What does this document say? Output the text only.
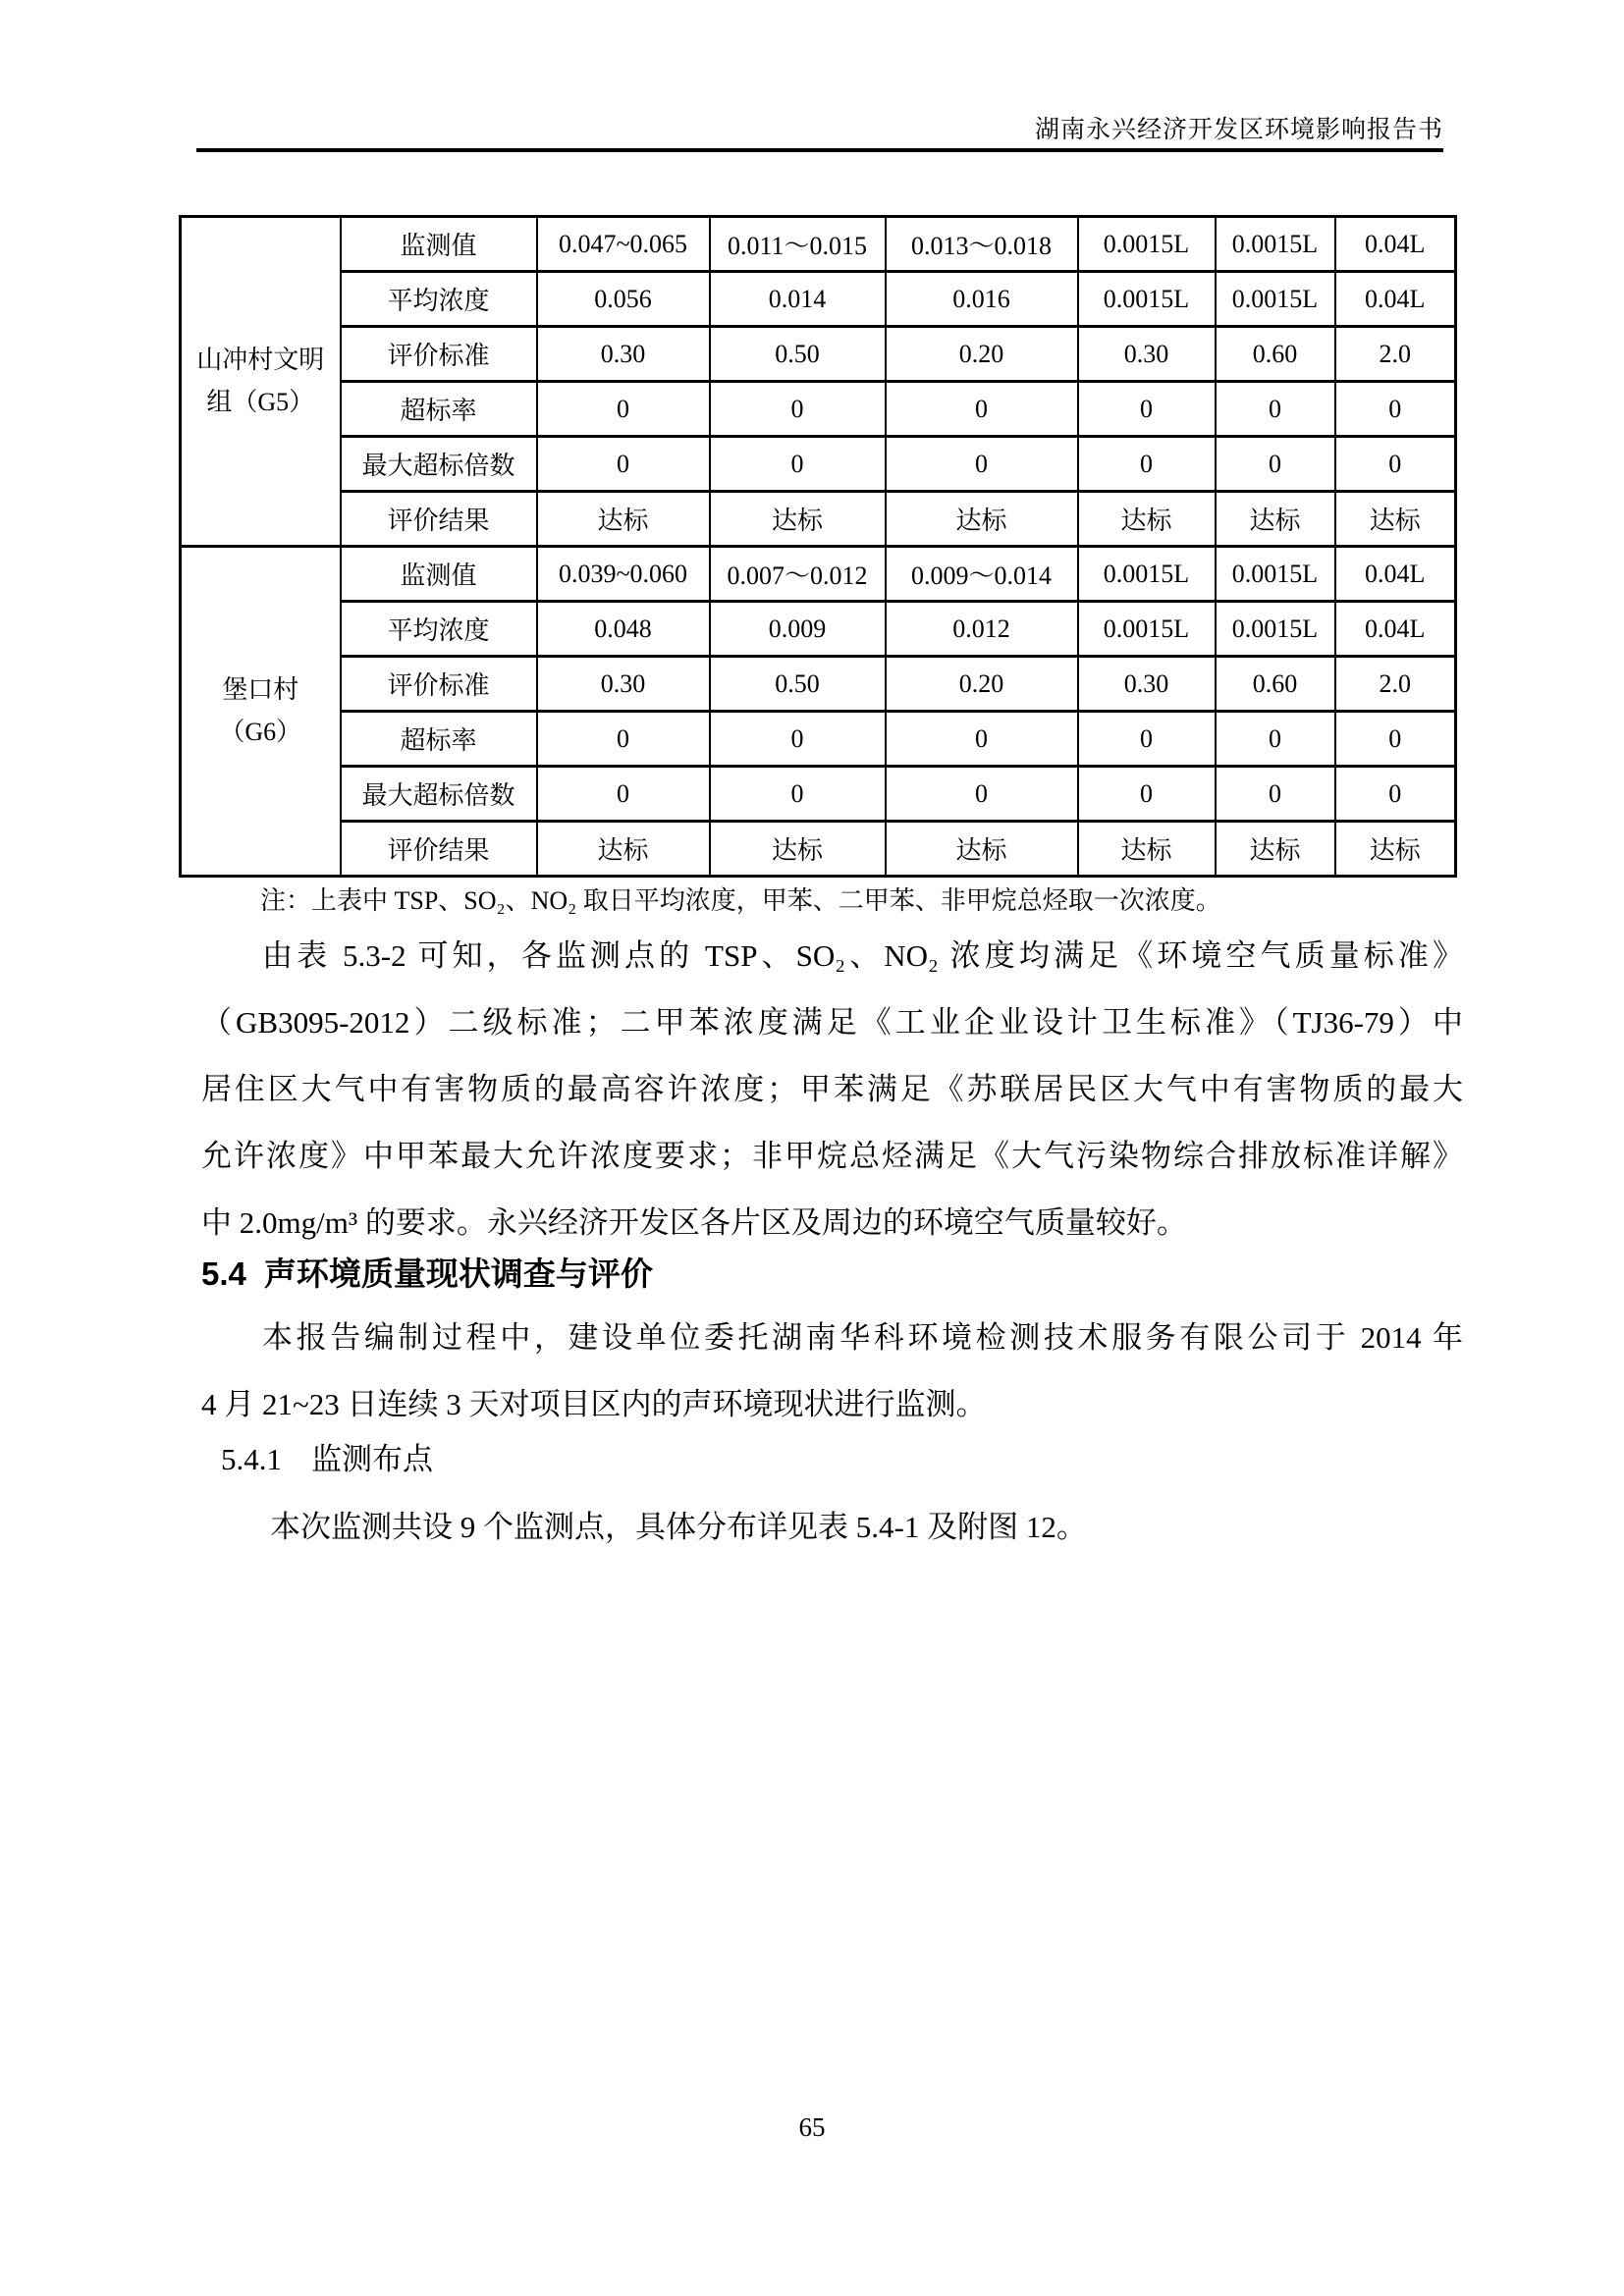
湖南永兴经济开发区环境影响报告书
山冲村文明
组（G5）	监测值	0.047~0.065	0.011～0.015	0.013～0.018	0.0015L	0.0015L	0.04L
	平均浓度	0.056	0.014	0.016	0.0015L	0.0015L	0.04L
	评价标准	0.30	0.50	0.20	0.30	0.60	2.0
	超标率	0	0	0	0	0	0
	最大超标倍数	0	0	0	0	0	0
	评价结果	达标	达标	达标	达标	达标	达标

堡口村
（G6）	监测值	0.039~0.060	0.007～0.012	0.009～0.014	0.0015L	0.0015L	0.04L
	平均浓度	0.048	0.009	0.012	0.0015L	0.0015L	0.04L
	评价标准	0.30	0.50	0.20	0.30	0.60	2.0
	超标率	0	0	0	0	0	0
	最大超标倍数	0	0	0	0	0	0
	评价结果	达标	达标	达标	达标	达标	达标
注：上表中 TSP、SO₂、NO₂ 取日平均浓度，甲苯、二甲苯、非甲烷总烃取一次浓度。
由表 5.3-2 可知，各监测点的 TSP、SO₂、NO₂ 浓度均满足《环境空气质量标准》
（GB3095-2012）二级标准；二甲苯浓度满足《工业企业设计卫生标准》（TJ36-79）中
居住区大气中有害物质的最高容许浓度；甲苯满足《苏联居民区大气中有害物质的最大
允许浓度》中甲苯最大允许浓度要求；非甲烷总烃满足《大气污染物综合排放标准详解》
中 2.0mg/m³ 的要求。永兴经济开发区各片区及周边的环境空气质量较好。
5.4 声环境质量现状调查与评价
本报告编制过程中，建设单位委托湖南华科环境检测技术服务有限公司于 2014 年
4 月 21~23 日连续 3 天对项目区内的声环境现状进行监测。
5.4.1 监测布点
本次监测共设 9 个监测点，具体分布详见表 5.4-1 及附图 12。
65
